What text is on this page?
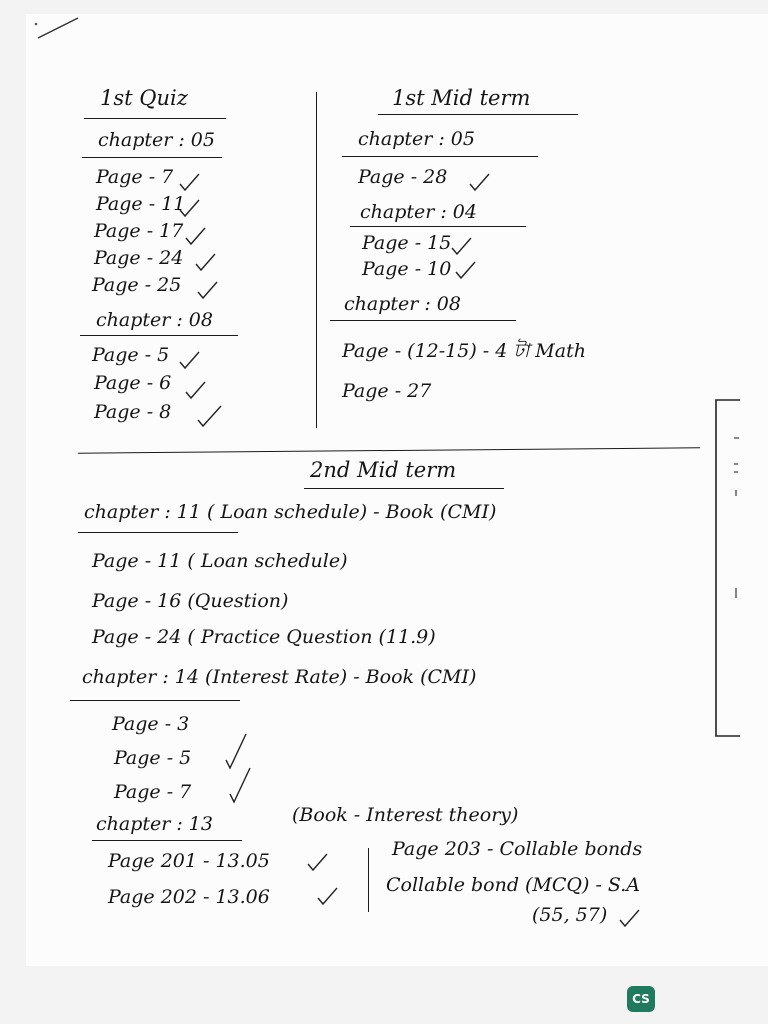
1st Quiz
chapter : 05
Page - 7
Page - 11
Page - 17
Page - 24
Page - 25
chapter : 08
Page - 5
Page - 6
Page - 8
1st Mid term
chapter : 05
Page - 28
chapter : 04
Page - 15
Page - 10
chapter : 08
Page - (12-15) - 4 টা Math
Page - 27
2nd Mid term
chapter : 11 ( Loan schedule) - Book (CMI)
Page - 11 ( Loan schedule)
Page - 16 (Question)
Page - 24 ( Practice Question (11.9)
chapter : 14 (Interest Rate) - Book (CMI)
Page - 3
Page - 5
Page - 7
chapter : 13	(Book - Interest theory)
Page 201 - 13.05
Page 202 - 13.06
Page 203 - Collable bonds
Collable bond (MCQ) - S.A
(55, 57)
CS
